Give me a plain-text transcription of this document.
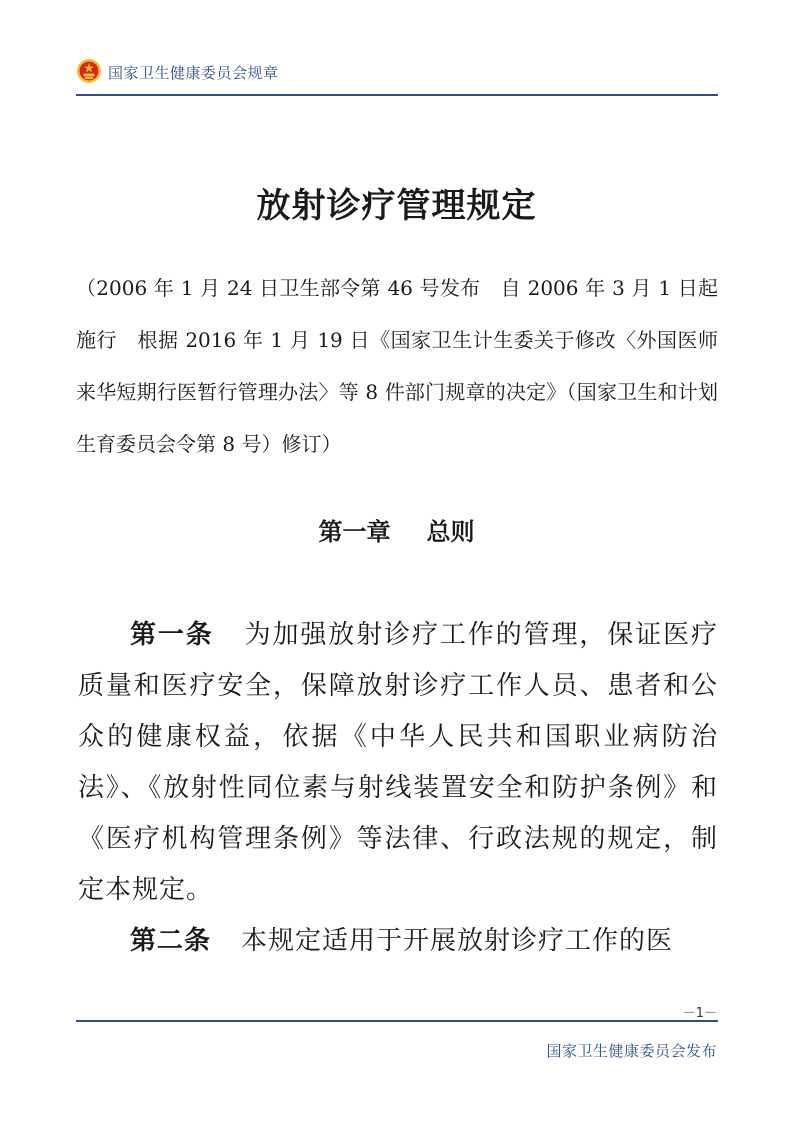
国家卫生健康委员会规章
放射诊疗管理规定

（2006 年 1 月 24 日卫生部令第 46 号发布　自 2006 年 3 月 1 日起施行　根据 2016 年 1 月 19 日《国家卫生计生委关于修改〈外国医师来华短期行医暂行管理办法〉等 8 件部门规章的决定》（国家卫生和计划生育委员会令第 8 号）修订）

第一章 总则

第一条 为加强放射诊疗工作的管理，保证医疗质量和医疗安全，保障放射诊疗工作人员、患者和公众的健康权益，依据《中华人民共和国职业病防治法》、《放射性同位素与射线装置安全和防护条例》和《医疗机构管理条例》等法律、行政法规的规定，制定本规定。

第二条 本规定适用于开展放射诊疗工作的医

－1－
国家卫生健康委员会发布
